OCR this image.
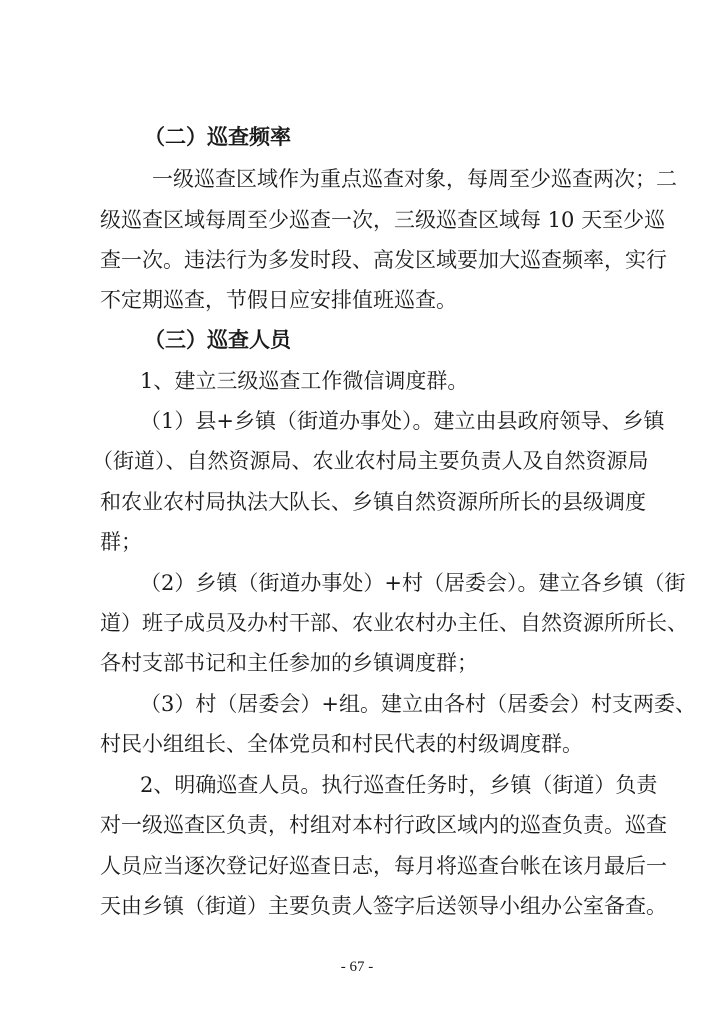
（二）巡查频率
一级巡查区域作为重点巡查对象，每周至少巡查两次；二
级巡查区域每周至少巡查一次，三级巡查区域每 10 天至少巡
查一次。违法行为多发时段、高发区域要加大巡查频率，实行
不定期巡查，节假日应安排值班巡查。
（三）巡查人员
1、建立三级巡查工作微信调度群。
（1）县+乡镇（街道办事处）。建立由县政府领导、乡镇
（街道）、自然资源局、农业农村局主要负责人及自然资源局
和农业农村局执法大队长、乡镇自然资源所所长的县级调度
群；
（2）乡镇（街道办事处）+村（居委会）。建立各乡镇（街
道）班子成员及办村干部、农业农村办主任、自然资源所所长、
各村支部书记和主任参加的乡镇调度群；
（3）村（居委会）+组。建立由各村（居委会）村支两委、
村民小组组长、全体党员和村民代表的村级调度群。
2、明确巡查人员。执行巡查任务时，乡镇（街道）负责
对一级巡查区负责，村组对本村行政区域内的巡查负责。巡查
人员应当逐次登记好巡查日志，每月将巡查台帐在该月最后一
天由乡镇（街道）主要负责人签字后送领导小组办公室备查。
- 67 -
